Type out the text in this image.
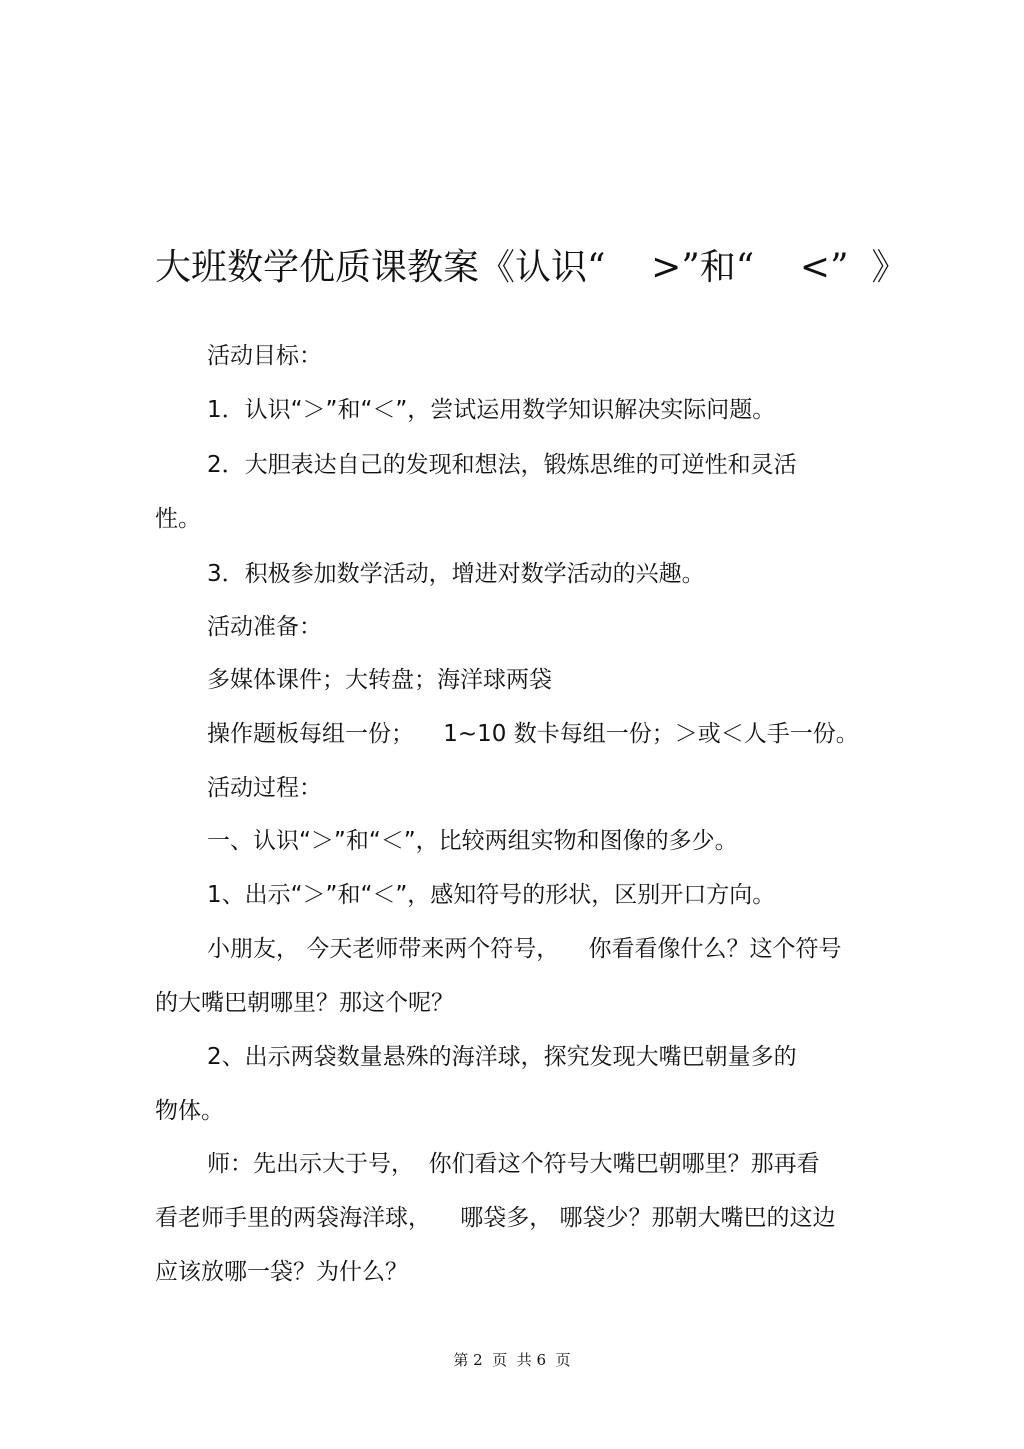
大班数学优质课教案《认识“    >”和“    <”  》
活动目标：
1．认识“＞”和“＜”，尝试运用数学知识解决实际问题。
2．大胆表达自己的发现和想法，锻炼思维的可逆性和灵活
性。
3．积极参加数学活动，增进对数学活动的兴趣。
活动准备：
多媒体课件；大转盘；海洋球两袋
操作题板每组一份；    1~10 数卡每组一份；＞或＜人手一份。
活动过程：
一、认识“＞”和“＜”，比较两组实物和图像的多少。
1、出示“＞”和“＜”，感知符号的形状，区别开口方向。
小朋友， 今天老师带来两个符号，    你看看像什么？这个符号
的大嘴巴朝哪里？那这个呢？
2、出示两袋数量悬殊的海洋球，探究发现大嘴巴朝量多的
物体。
师：先出示大于号，  你们看这个符号大嘴巴朝哪里？那再看
看老师手里的两袋海洋球，    哪袋多， 哪袋少？那朝大嘴巴的这边
应该放哪一袋？为什么？
第 2  页  共 6  页
